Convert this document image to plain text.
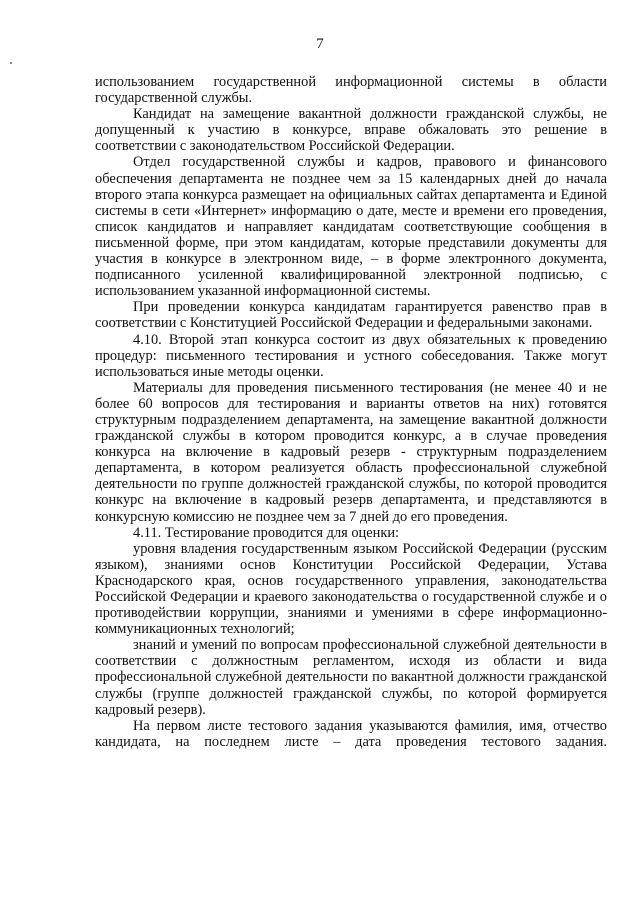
7

использованием государственной информационной системы в области государственной службы.

Кандидат на замещение вакантной должности гражданской службы, не допущенный к участию в конкурсе, вправе обжаловать это решение в соответствии с законодательством Российской Федерации.

Отдел государственной службы и кадров, правового и финансового обеспечения департамента не позднее чем за 15 календарных дней до начала второго этапа конкурса размещает на официальных сайтах департамента и Единой системы в сети «Интернет» информацию о дате, месте и времени его проведения, список кандидатов и направляет кандидатам соответствующие сообщения в письменной форме, при этом кандидатам, которые представили документы для участия в конкурсе в электронном виде, – в форме электронного документа, подписанного усиленной квалифицированной электронной подписью, с использованием указанной информационной системы.

При проведении конкурса кандидатам гарантируется равенство прав в соответствии с Конституцией Российской Федерации и федеральными законами.

4.10. Второй этап конкурса состоит из двух обязательных к проведению процедур: письменного тестирования и устного собеседования. Также могут использоваться иные методы оценки.

Материалы для проведения письменного тестирования (не менее 40 и не более 60 вопросов для тестирования и варианты ответов на них) готовятся структурным подразделением департамента, на замещение вакантной должности гражданской службы в котором проводится конкурс, а в случае проведения конкурса на включение в кадровый резерв - структурным подразделением департамента, в котором реализуется область профессиональной служебной деятельности по группе должностей гражданской службы, по которой проводится конкурс на включение в кадровый резерв департамента, и представляются в конкурсную комиссию не позднее чем за 7 дней до его проведения.

4.11. Тестирование проводится для оценки:

уровня владения государственным языком Российской Федерации (русским языком), знаниями основ Конституции Российской Федерации, Устава Краснодарского края, основ государственного управления, законодательства Российской Федерации и краевого законодательства о государственной службе и о противодействии коррупции, знаниями и умениями в сфере информационно-коммуникационных технологий;

знаний и умений по вопросам профессиональной служебной деятельности в соответствии с должностным регламентом, исходя из области и вида профессиональной служебной деятельности по вакантной должности гражданской службы (группе должностей гражданской службы, по которой формируется кадровый резерв).

На первом листе тестового задания указываются фамилия, имя, отчество кандидата, на последнем листе – дата проведения тестового задания.
